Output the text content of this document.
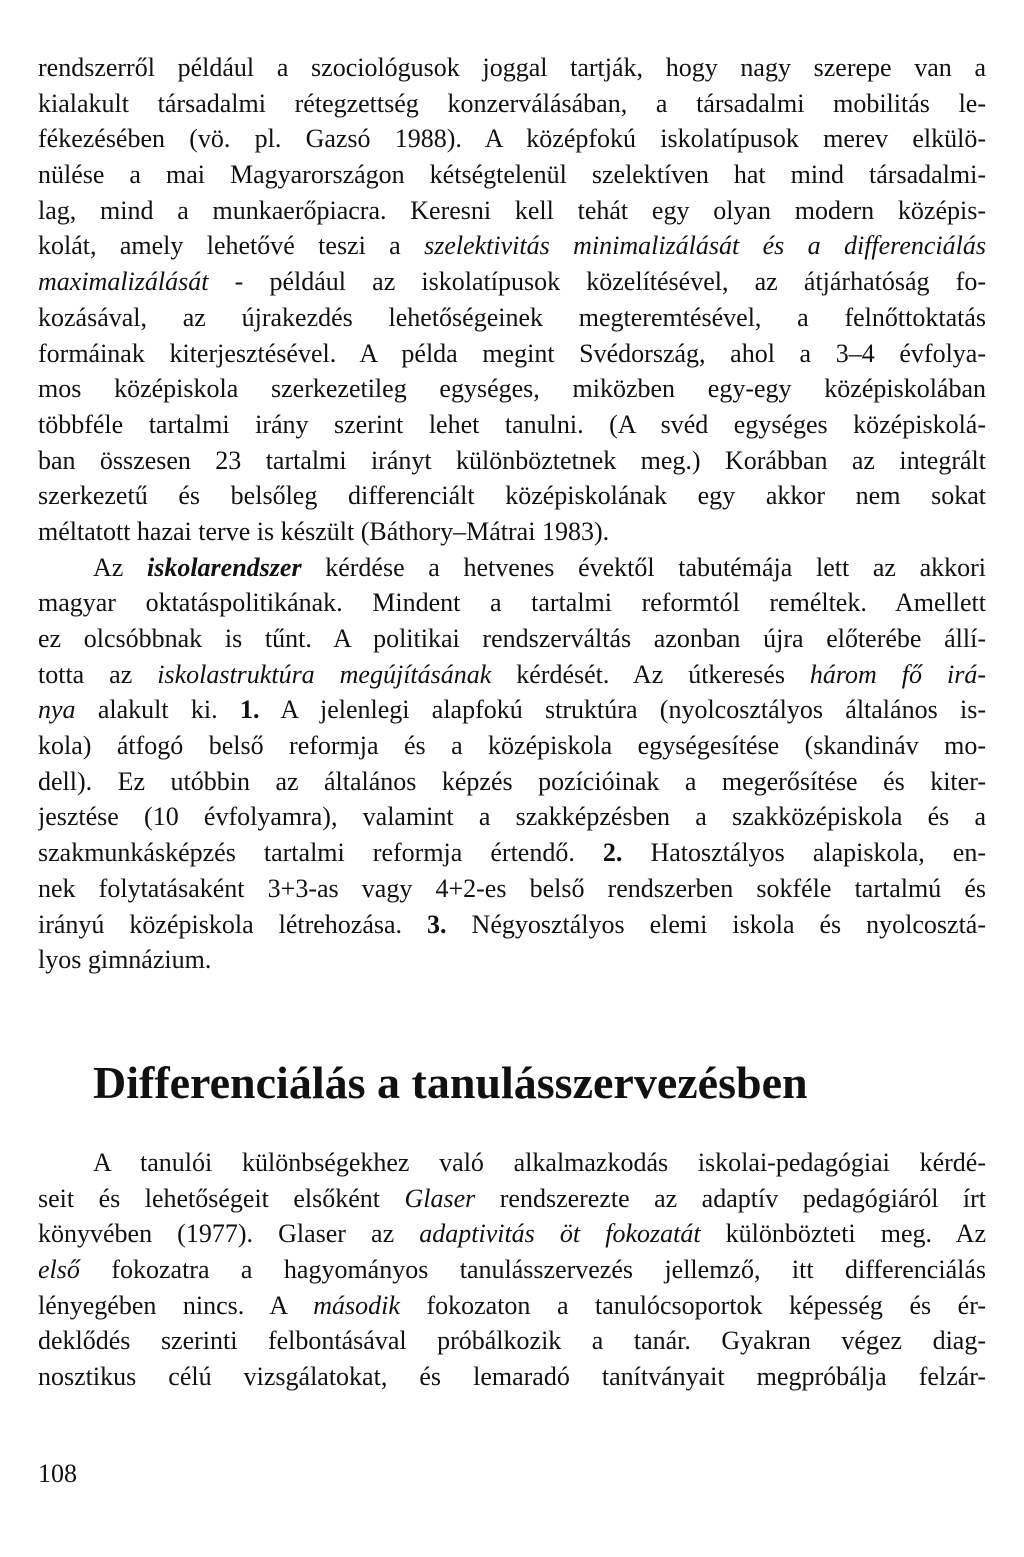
rendszerről például a szociológusok joggal tartják, hogy nagy szerepe van a
kialakult társadalmi rétegzettség konzerválásában, a társadalmi mobilitás le-
fékezésében (vö. pl. Gazsó 1988). A középfokú iskolatípusok merev elkülö-
nülése a mai Magyarországon kétségtelenül szelektíven hat mind társadalmi-
lag, mind a munkaerőpiacra. Keresni kell tehát egy olyan modern középis-
kolát, amely lehetővé teszi a szelektivitás minimalizálását és a differenciálás
maximalizálását - például az iskolatípusok közelítésével, az átjárhatóság fo-
kozásával, az újrakezdés lehetőségeinek megteremtésével, a felnőttoktatás
formáinak kiterjesztésével. A példa megint Svédország, ahol a 3–4 évfolya-
mos középiskola szerkezetileg egységes, miközben egy-egy középiskolában
többféle tartalmi irány szerint lehet tanulni. (A svéd egységes középiskolá-
ban összesen 23 tartalmi irányt különböztetnek meg.) Korábban az integrált
szerkezetű és belsőleg differenciált középiskolának egy akkor nem sokat
méltatott hazai terve is készült (Báthory–Mátrai 1983).
Az iskolarendszer kérdése a hetvenes évektől tabutémája lett az akkori
magyar oktatáspolitikának. Mindent a tartalmi reformtól reméltek. Amellett
ez olcsóbbnak is tűnt. A politikai rendszerváltás azonban újra előterébe állí-
totta az iskolastruktúra megújításának kérdését. Az útkeresés három fő irá-
nya alakult ki. 1. A jelenlegi alapfokú struktúra (nyolcosztályos általános is-
kola) átfogó belső reformja és a középiskola egységesítése (skandináv mo-
dell). Ez utóbbin az általános képzés pozícióinak a megerősítése és kiter-
jesztése (10 évfolyamra), valamint a szakképzésben a szakközépiskola és a
szakmunkásképzés tartalmi reformja értendő. 2. Hatosztályos alapiskola, en-
nek folytatásaként 3+3-as vagy 4+2-es belső rendszerben sokféle tartalmú és
irányú középiskola létrehozása. 3. Négyosztályos elemi iskola és nyolcosztá-
lyos gimnázium.
Differenciálás a tanulásszervezésben
A tanulói különbségekhez való alkalmazkodás iskolai-pedagógiai kérdé-
seit és lehetőségeit elsőként Glaser rendszerezte az adaptív pedagógiáról írt
könyvében (1977). Glaser az adaptivitás öt fokozatát különbözteti meg. Az
első fokozatra a hagyományos tanulásszervezés jellemző, itt differenciálás
lényegében nincs. A második fokozaton a tanulócsoportok képesség és ér-
deklődés szerinti felbontásával próbálkozik a tanár. Gyakran végez diag-
nosztikus célú vizsgálatokat, és lemaradó tanítványait megpróbálja felzár-
108
